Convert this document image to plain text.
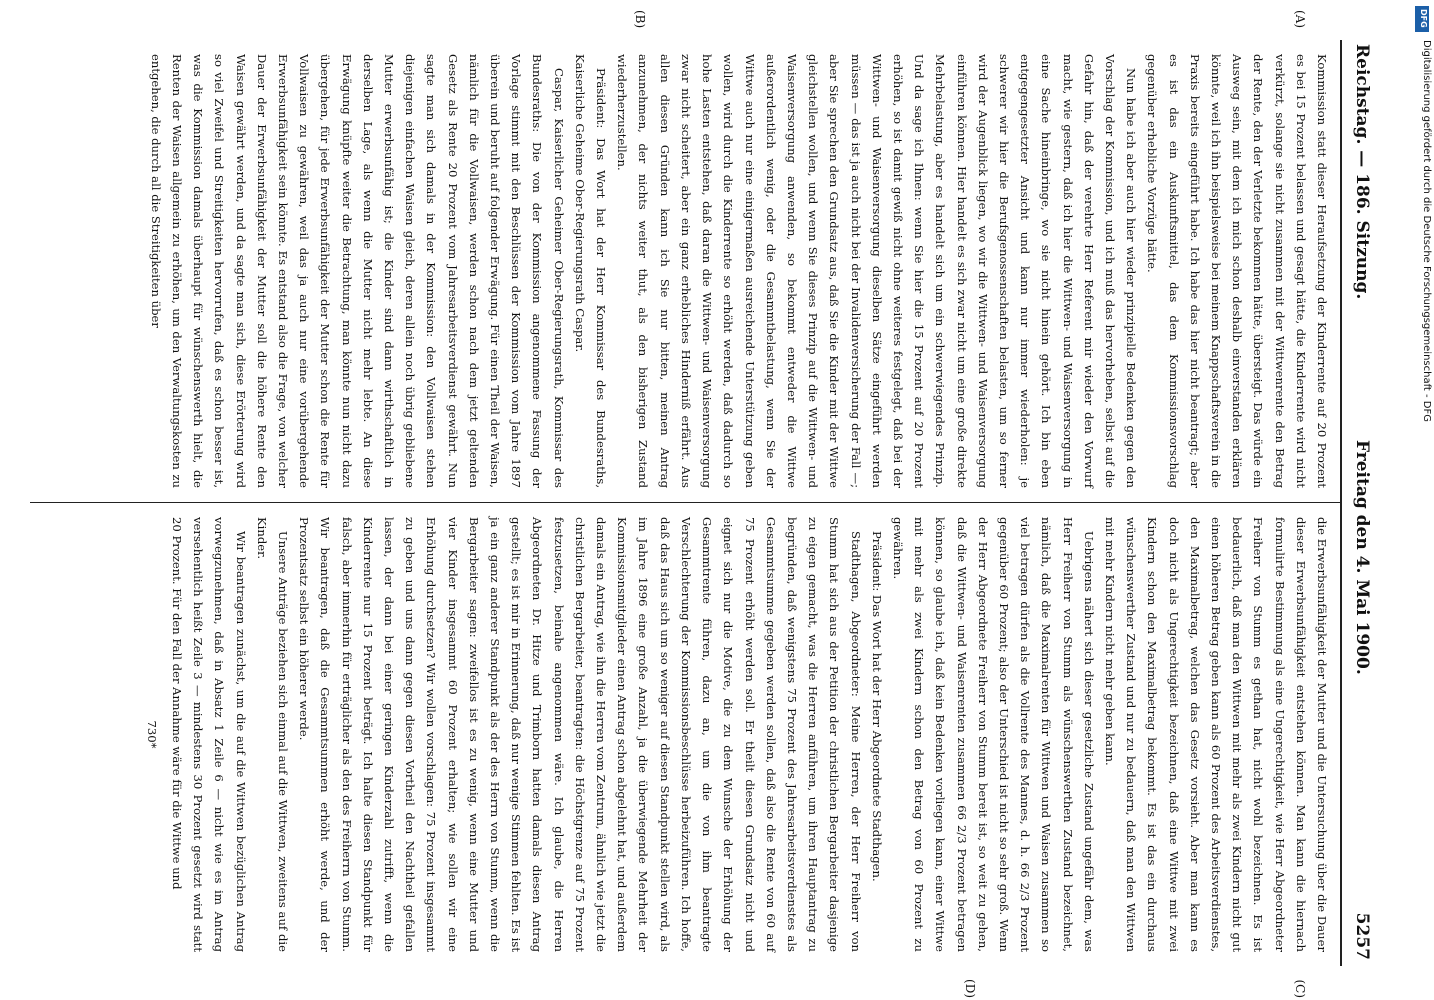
Reichstag. — 186. Sitzung.
Freitag den 4. Mai 1900.
5257
(A)
(B)

Kommission statt dieser Heraufsetzung der Kinderrente auf 20 Prozent es bei 15 Prozent belassen und gesagt hätte, die Kinderrente wird nicht verkürzt, solange sie nicht zusammen mit der Wittwenrente den Betrag der Rente, den der Verletzte bekommen hätte, übersteigt. Das würde ein Ausweg sein, mit dem ich mich schon deshalb einverstanden erklären könnte, weil ich ihn beispielsweise bei meinem Knappschaftsverein in die Praxis bereits eingeführt habe. Ich habe das hier nicht beantragt; aber es ist das ein Auskunftsmittel, das dem Kommissionsvorschlag gegenüber erhebliche Vorzüge hätte.

Nun habe ich aber auch hier wieder prinzipielle Bedenken gegen den Vorschlag der Kommission, und ich muß das hervorheben, selbst auf die Gefahr hin, daß der verehrte Herr Referent mir wieder den Vorwurf macht, wie gestern, daß ich hier die Wittwen- und Waisenversorgung in eine Sache hineinbringe, wo sie nicht hinein gehört. Ich bin eben entgegengesetzter Ansicht und kann nur immer wiederholen: je schwerer wir hier die Berufsgenossenschaften belasten, um so ferner wird der Augenblick liegen, wo wir die Wittwen- und Waisenversorgung einführen können. Hier handelt es sich zwar nicht um eine große direkte Mehrbelastung, aber es handelt sich um ein schwerwiegendes Prinzip. Und da sage ich Ihnen: wenn Sie hier die 15 Prozent auf 20 Prozent erhöhen, so ist damit gewiß nicht ohne weiteres festgelegt, daß bei der Wittwen- und Waisenversorgung dieselben Sätze eingeführt werden müssen — das ist ja auch nicht bei der Invalidenversicherung der Fall —; aber Sie sprechen den Grundsatz aus, daß Sie die Kinder mit der Wittwe gleichstellen wollen, und wenn Sie dieses Prinzip auf die Wittwen- und Waisenversorgung anwenden, so bekommt entweder die Wittwe außerordentlich wenig, oder die Gesammtbelastung, wenn Sie der Wittwe auch nur eine einigermaßen ausreichende Unterstützung geben wollen, wird durch die Kinderrente so erhöht werden, daß dadurch so hohe Lasten entstehen, daß daran die Wittwen- und Waisenversorgung zwar nicht scheitert, aber ein ganz erhebliches Hinderniß erfährt. Aus allen diesen Gründen kann ich Sie nur bitten, meinen Antrag anzunehmen, der nichts weiter thut, als den bisherigen Zustand wiederherzustellen.

Präsident: Das Wort hat der Herr Kommissar des Bundesraths, Kaiserliche Geheime Ober-Regierungsrath Caspar.

Caspar, Kaiserlicher Geheimer Ober-Regierungsrath, Kommissar des Bundesraths: Die von der Kommission angenommene Fassung der Vorlage stimmt mit den Beschlüssen der Kommission vom Jahre 1897 überein und beruht auf folgender Erwägung. Für einen Theil der Waisen, nämlich für die Vollwaisen, werden schon nach dem jetzt geltenden Gesetz als Rente 20 Prozent vom Jahresarbeitsverdienst gewährt. Nun sagte man sich damals in der Kommission: den Vollwaisen stehen diejenigen einfachen Waisen gleich, deren allein noch übrig gebliebene Mutter erwerbsunfähig ist; die Kinder sind dann wirthschaftlich in derselben Lage, als wenn die Mutter nicht mehr lebte. An diese Erwägung knüpfte weiter die Betrachtung, man könnte nun nicht dazu übergehen, für jede Erwerbsunfähigkeit der Mutter schon die Rente für Vollwaisen zu gewähren, weil das ja auch nur eine vorübergehende Erwerbsunfähigkeit sein könnte. Es entstand also die Frage, von welcher Dauer der Erwerbsunfähigkeit der Mutter soll die höhere Rente den Waisen gewährt werden, und da sagte man sich, diese Erörterung wird so viel Zweifel und Streitigkeiten hervorrufen, daß es schon besser ist, was die Kommission damals überhaupt für wünschenswerth hielt, die Renten der Waisen allgemein zu erhöhen, um den Verwaltungskosten zu entgehen, die durch all die Streitigkeiten über

(C)
(D)

die Erwerbsunfähigkeit der Mutter und die Untersuchung über die Dauer dieser Erwerbsunfähigkeit entstehen können. Man kann die hiernach formulirte Bestimmung als eine Ungerechtigkeit, wie Herr Abgeordneter Freiherr von Stumm es gethan hat, nicht wohl bezeichnen. Es ist bedauerlich, daß man den Wittwen mit mehr als zwei Kindern nicht gut einen höheren Betrag geben kann als 60 Prozent des Arbeitsverdienstes, den Maximalbetrag, welchen das Gesetz vorsieht. Aber man kann es doch nicht als Ungerechtigkeit bezeichnen, daß eine Wittwe mit zwei Kindern schon den Maximalbetrag bekommt. Es ist das ein durchaus wünschenswerther Zustand und nur zu bedauern, daß man den Wittwen mit mehr Kindern nicht mehr geben kann.

Uebrigens nähert sich dieser gesetzliche Zustand ungefähr dem, was Herr Freiherr von Stumm als wünschenswerthen Zustand bezeichnet, nämlich, daß die Maximalrenten für Wittwen und Waisen zusammen so viel betragen dürfen als die Vollrente des Mannes, d. h. 66 2/3 Prozent gegenüber 60 Prozent; also der Unterschied ist nicht so sehr groß. Wenn der Herr Abgeordnete Freiherr von Stumm bereit ist, so weit zu gehen, daß die Wittwen- und Waisenrenten zusammen 66 2/3 Prozent betragen können, so glaube ich, daß kein Bedenken vorliegen kann, einer Wittwe mit mehr als zwei Kindern schon den Betrag von 60 Prozent zu gewähren.

Präsident: Das Wort hat der Herr Abgeordnete Stadthagen.

Stadthagen, Abgeordneter: Meine Herren, der Herr Freiherr von Stumm hat sich aus der Petition der christlichen Bergarbeiter dasjenige zu eigen gemacht, was die Herren anführen, um ihren Hauptantrag zu begründen, daß wenigstens 75 Prozent des Jahresarbeitsverdienstes als Gesammtsumme gegeben werden sollen, daß also die Rente von 60 auf 75 Prozent erhöht werden soll. Er theilt diesen Grundsatz nicht und eignet sich nur die Motive, die zu dem Wunsche der Erhöhung der Gesammtrente führen, dazu an, um die von ihm beantragte Verschlechterung der Kommissionsbeschlüsse herbeizuführen. Ich hoffe, daß das Haus sich um so weniger auf diesen Standpunkt stellen wird, als im Jahre 1896 eine große Anzahl, ja die überwiegende Mehrheit der Kommissionsmitglieder einen Antrag schon abgelehnt hat, und außerdem damals ein Antrag, wie ihn die Herren vom Zentrum, ähnlich wie jetzt die christlichen Bergarbeiter, beantragten: die Höchstgrenze auf 75 Prozent festzusetzen, beinahe angenommen wäre. Ich glaube, die Herren Abgeordneten Dr. Hitze und Trimborn hatten damals diesen Antrag gestellt; es ist mir in Erinnerung, daß nur wenige Stimmen fehlten. Es ist ja ein ganz anderer Standpunkt als der des Herrn von Stumm, wenn die Bergarbeiter sagen: zweifellos ist es zu wenig, wenn eine Mutter und vier Kinder insgesammt 60 Prozent erhalten; wie sollen wir eine Erhöhung durchsetzen? Wir wollen vorschlagen: 75 Prozent insgesammt zu geben und uns dann gegen diesen Vortheil den Nachtheil gefallen lassen, der dann bei einer geringen Kinderzahl zutrifft, wenn die Kinderrente nur 15 Prozent beträgt. Ich halte diesen Standpunkt für falsch, aber immerhin für erträglicher als den des Freiherrn von Stumm. Wir beantragen, daß die Gesammtsummen erhöht werde, und der Prozentsatz selbst ein höherer werde.

Unsere Anträge beziehen sich einmal auf die Wittwen, zweitens auf die Kinder.

Wir beantragen zunächst, um die auf die Wittwen bezüglichen Antrag vorwegzunehmen, daß in Absatz 1 Zeile 6 — nicht wie es im Antrag versehentlich heißt Zeile 3 — mindestens 30 Prozent gesetzt wird statt 20 Prozent. Für den Fall der Annahme wäre für die Wittwe und

730*
DFG
Digitalisierung gefördert durch die Deutsche Forschungsgemeinschaft - DFG
